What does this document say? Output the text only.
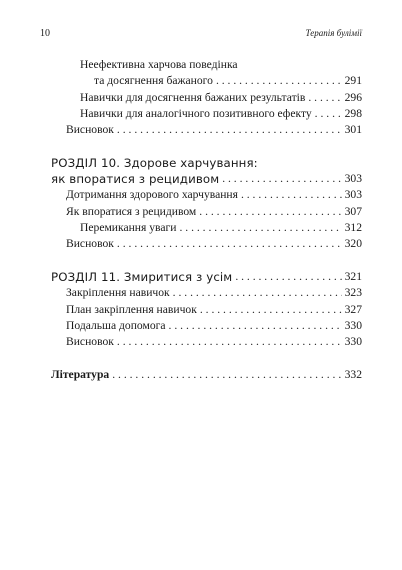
10	Терапія булімії
Неефективна харчова поведінка
та досягнення бажаного . . .	291
Навички для досягнення бажаних результатів . . .	296
Навички для аналогічного позитивного ефекту . . .	298
Висновок . . .	301
РОЗДІЛ 10. Здорове харчування:
як впоратися з рецидивом . . .	303
Дотримання здорового харчування . . .	303
Як впоратися з рецидивом . . .	307
Перемикання уваги . . .	312
Висновок . . .	320
РОЗДІЛ 11. Змиритися з усім . . .	321
Закріплення навичок . . .	323
План закріплення навичок . . .	327
Подальша допомога . . .	330
Висновок . . .	330
Література . . .	332
